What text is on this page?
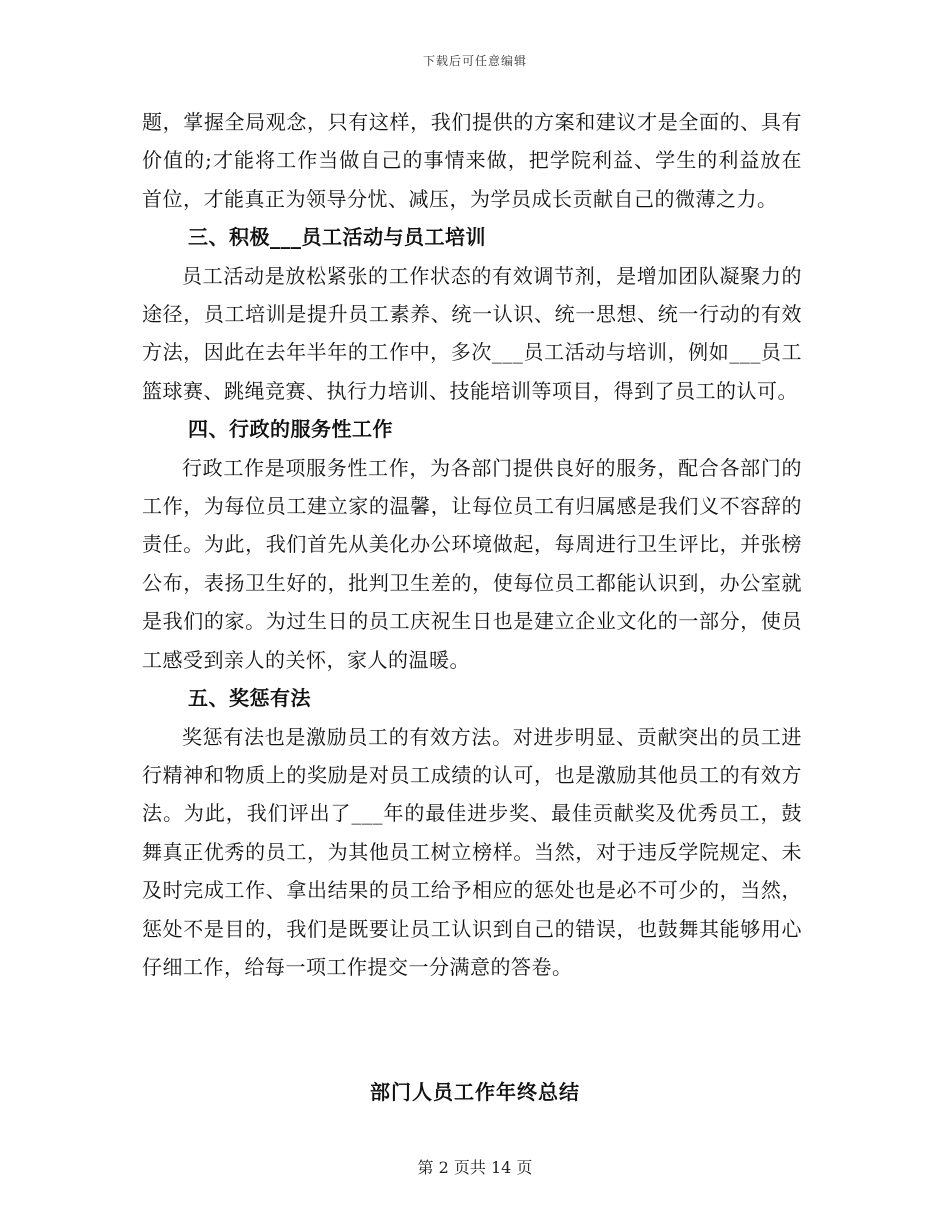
下载后可任意编辑

题，掌握全局观念，只有这样，我们提供的方案和建议才是全面的、具有价值的;才能将工作当做自己的事情来做，把学院利益、学生的利益放在首位，才能真正为领导分忧、减压，为学员成长贡献自己的微薄之力。

三、积极___员工活动与员工培训

员工活动是放松紧张的工作状态的有效调节剂，是增加团队凝聚力的途径，员工培训是提升员工素养、统一认识、统一思想、统一行动的有效方法，因此在去年半年的工作中，多次___员工活动与培训，例如___员工篮球赛、跳绳竞赛、执行力培训、技能培训等项目，得到了员工的认可。

四、行政的服务性工作

行政工作是项服务性工作，为各部门提供良好的服务，配合各部门的工作，为每位员工建立家的温馨，让每位员工有归属感是我们义不容辞的责任。为此，我们首先从美化办公环境做起，每周进行卫生评比，并张榜公布，表扬卫生好的，批判卫生差的，使每位员工都能认识到，办公室就是我们的家。为过生日的员工庆祝生日也是建立企业文化的一部分，使员工感受到亲人的关怀，家人的温暖。

五、奖惩有法

奖惩有法也是激励员工的有效方法。对进步明显、贡献突出的员工进行精神和物质上的奖励是对员工成绩的认可，也是激励其他员工的有效方法。为此，我们评出了___年的最佳进步奖、最佳贡献奖及优秀员工，鼓舞真正优秀的员工，为其他员工树立榜样。当然，对于违反学院规定、未及时完成工作、拿出结果的员工给予相应的惩处也是必不可少的，当然，惩处不是目的，我们是既要让员工认识到自己的错误，也鼓舞其能够用心仔细工作，给每一项工作提交一分满意的答卷。

部门人员工作年终总结
第 2 页共 14 页
